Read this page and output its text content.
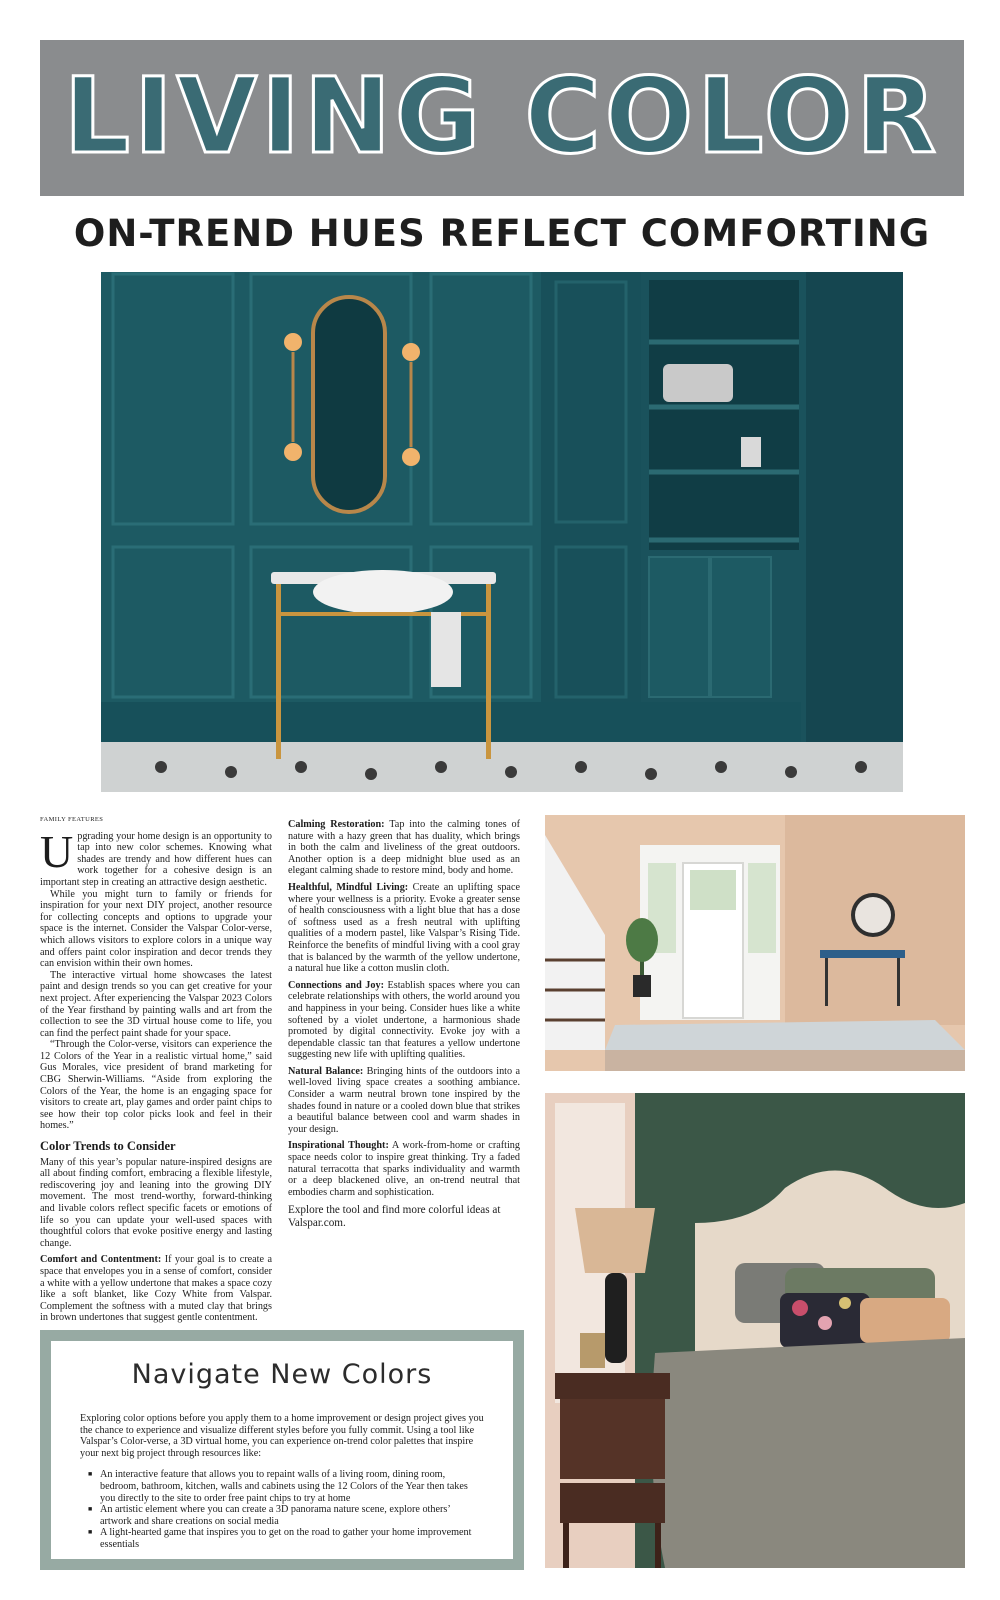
LIVING COLOR
ON-TREND HUES REFLECT COMFORTING
FAMILY FEATURES

Upgrading your home design is an opportunity to tap into new color schemes. Knowing what shades are trendy and how different hues can work together for a cohesive design is an important step in creating an attractive design aesthetic.

While you might turn to family or friends for inspiration for your next DIY project, another resource for collecting concepts and options to upgrade your space is the internet. Consider the Valspar Color-verse, which allows visitors to explore colors in a unique way and offers paint color inspiration and decor trends they can envision within their own homes.

The interactive virtual home showcases the latest paint and design trends so you can get creative for your next project. After experiencing the Valspar 2023 Colors of the Year firsthand by painting walls and art from the collection to see the 3D virtual house come to life, you can find the perfect paint shade for your space.

“Through the Color-verse, visitors can experience the 12 Colors of the Year in a realistic virtual home,” said Gus Morales, vice president of brand marketing for CBG Sherwin-Williams. “Aside from exploring the Colors of the Year, the home is an engaging space for visitors to create art, play games and order paint chips to see how their top color picks look and feel in their homes.”

Color Trends to Consider

Many of this year’s popular nature-inspired designs are all about finding comfort, embracing a flexible lifestyle, rediscovering joy and leaning into the growing DIY movement. The most trend-worthy, forward-thinking and livable colors reflect specific facets or emotions of life so you can update your well-used spaces with thoughtful colors that evoke positive energy and lasting change.

Comfort and Contentment: If your goal is to create a space that envelopes you in a sense of comfort, consider a white with a yellow undertone that makes a space cozy like a soft blanket, like Cozy White from Valspar. Complement the softness with a muted clay that brings in brown undertones that suggest gentle contentment.

Calming Restoration: Tap into the calming tones of nature with a hazy green that has duality, which brings in both the calm and liveliness of the great outdoors. Another option is a deep midnight blue used as an elegant calming shade to restore mind, body and home.

Healthful, Mindful Living: Create an uplifting space where your wellness is a priority. Evoke a greater sense of health consciousness with a light blue that has a dose of softness used as a fresh neutral with uplifting qualities of a modern pastel, like Valspar’s Rising Tide. Reinforce the benefits of mindful living with a cool gray that is balanced by the warmth of the yellow undertone, a natural hue like a cotton muslin cloth.

Connections and Joy: Establish spaces where you can celebrate relationships with others, the world around you and happiness in your being. Consider hues like a white softened by a violet undertone, a harmonious shade promoted by digital connectivity. Evoke joy with a dependable classic tan that features a yellow undertone suggesting new life with uplifting qualities.

Natural Balance: Bringing hints of the outdoors into a well-loved living space creates a soothing ambiance. Consider a warm neutral brown tone inspired by the shades found in nature or a cooled down blue that strikes a beautiful balance between cool and warm shades in your design.

Inspirational Thought: A work-from-home or crafting space needs color to inspire great thinking. Try a faded natural terracotta that sparks individuality and warmth or a deep blackened olive, an on-trend neutral that embodies charm and sophistication.

Explore the tool and find more colorful ideas at Valspar.com.
Navigate New Colors
Exploring color options before you apply them to a home improvement or design project gives you the chance to experience and visualize different styles before you fully commit. Using a tool like Valspar’s Color-verse, a 3D virtual home, you can experience on-trend color palettes that inspire your next big project through resources like:
■ An interactive feature that allows you to repaint walls of a living room, dining room, bedroom, bathroom, kitchen, walls and cabinets using the 12 Colors of the Year then takes you directly to the site to order free paint chips to try at home
■ An artistic element where you can create a 3D panorama nature scene, explore others’ artwork and share creations on social media
■ A light-hearted game that inspires you to get on the road to gather your home improvement essentials
